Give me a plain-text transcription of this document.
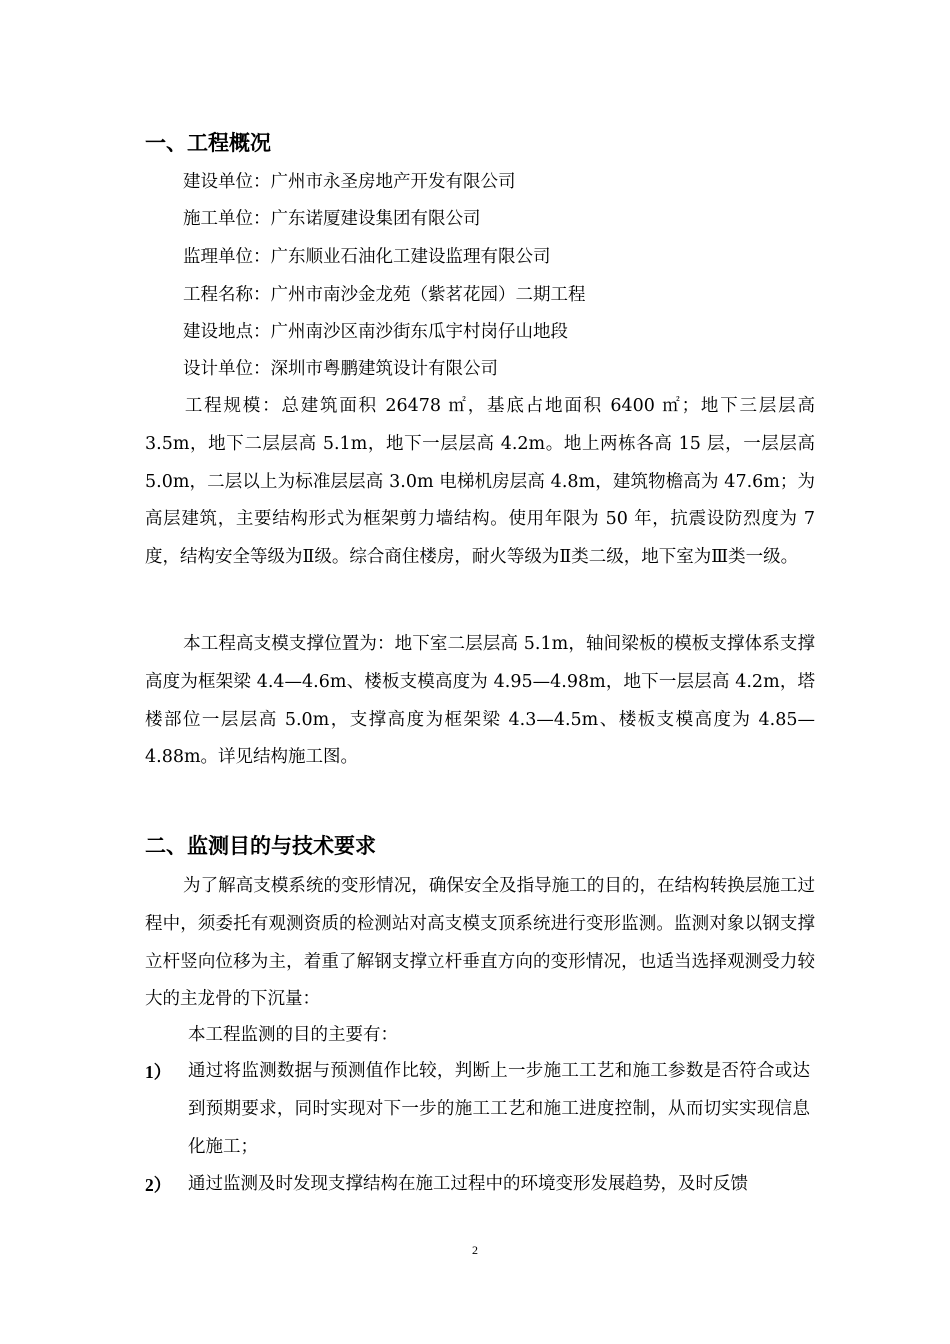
一、工程概况
建设单位：广州市永圣房地产开发有限公司
施工单位：广东诺厦建设集团有限公司
监理单位：广东顺业石油化工建设监理有限公司
工程名称：广州市南沙金龙苑（紫茗花园）二期工程
建设地点：广州南沙区南沙街东瓜宇村岗仔山地段
设计单位：深圳市粤鹏建筑设计有限公司
工程规模：总建筑面积 26478 ㎡，基底占地面积 6400 ㎡；地下三层层高 3.5m，地下二层层高 5.1m，地下一层层高 4.2m。地上两栋各高 15 层，一层层高 5.0m，二层以上为标准层层高 3.0m 电梯机房层高 4.8m，建筑物檐高为 47.6m；为高层建筑，主要结构形式为框架剪力墙结构。使用年限为 50 年，抗震设防烈度为 7 度，结构安全等级为Ⅱ级。综合商住楼房，耐火等级为Ⅱ类二级，地下室为Ⅲ类一级。
本工程高支模支撑位置为：地下室二层层高 5.1m，轴间梁板的模板支撑体系支撑高度为框架梁 4.4—4.6m、楼板支模高度为 4.95—4.98m，地下一层层高 4.2m，塔楼部位一层层高 5.0m，支撑高度为框架梁 4.3—4.5m、楼板支模高度为 4.85—4.88m。详见结构施工图。
二、监测目的与技术要求
为了解高支模系统的变形情况，确保安全及指导施工的目的，在结构转换层施工过程中，须委托有观测资质的检测站对高支模支顶系统进行变形监测。监测对象以钢支撑立杆竖向位移为主，着重了解钢支撑立杆垂直方向的变形情况，也适当选择观测受力较大的主龙骨的下沉量：
本工程监测的目的主要有：
1） 通过将监测数据与预测值作比较，判断上一步施工工艺和施工参数是否符合或达到预期要求，同时实现对下一步的施工工艺和施工进度控制，从而切实实现信息化施工；
2） 通过监测及时发现支撑结构在施工过程中的环境变形发展趋势，及时反馈
2
